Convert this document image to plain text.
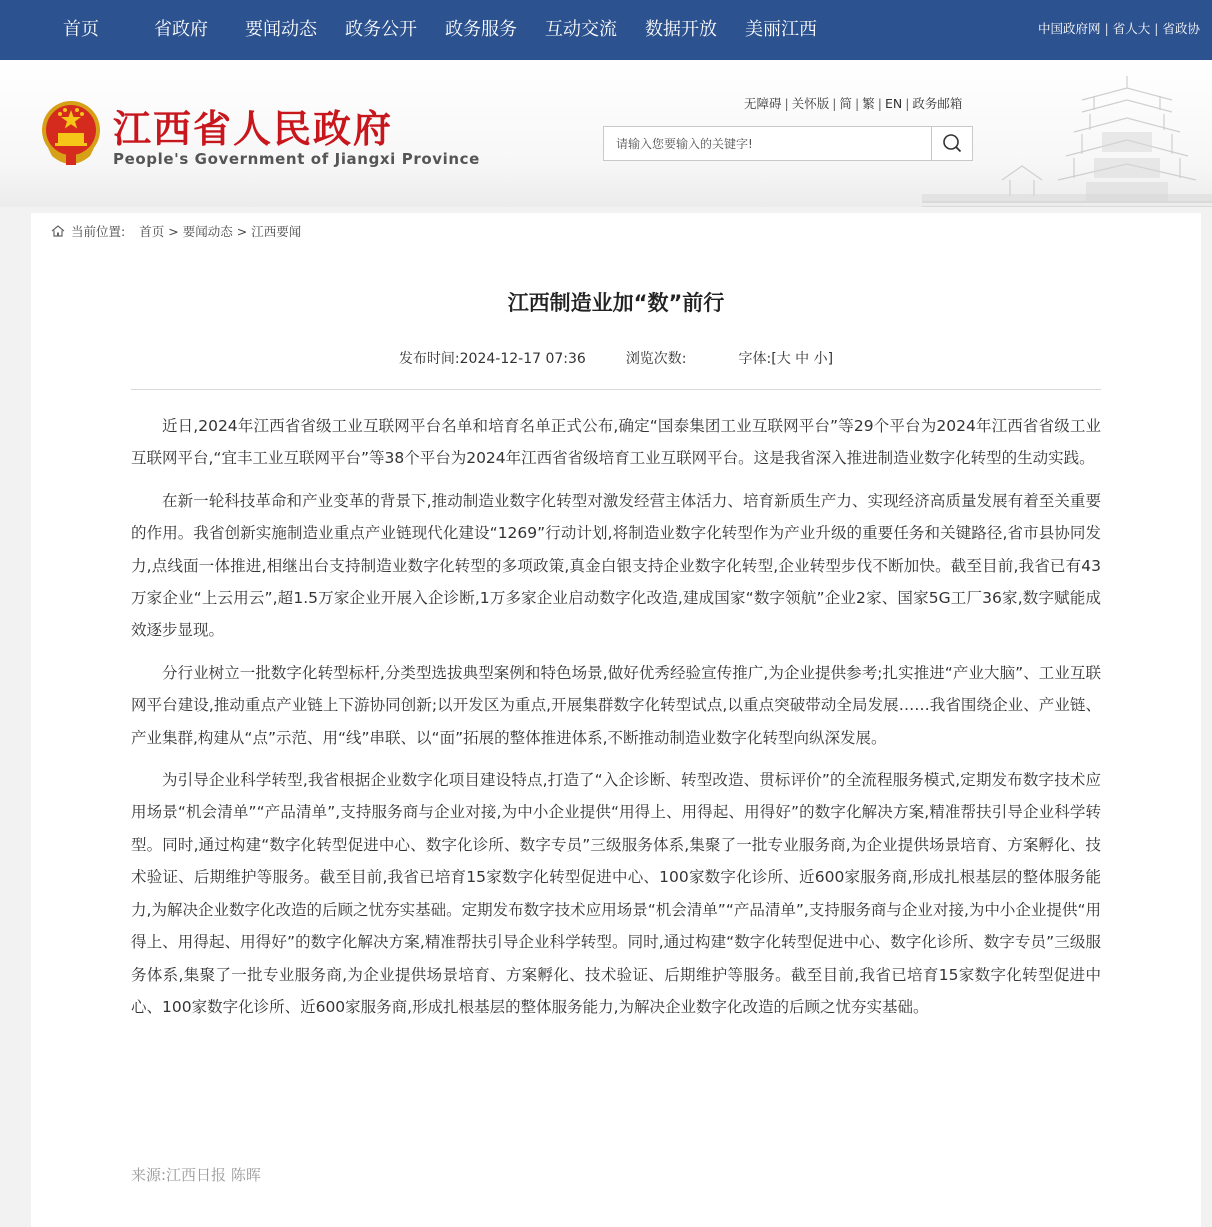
首页	省政府 要闻动态 政务公开 政务服务 互动交流 数据开放 美丽江西	中国政府网 | 省人大 | 省政协
江西省人民政府
People's Government of Jiangxi Province
无障碍 | 关怀版 | 简 | 繁 | EN | 政务邮箱
请输入您要输入的关键字!
当前位置: 首页 > 要闻动态 > 江西要闻
江西制造业加“数”前行
发布时间:2024-12-17 07:36	浏览次数:	字体:[大 中 小]

近日,2024年江西省省级工业互联网平台名单和培育名单正式公布,确定“国泰集团工业互联网平台”等29个平台为2024年江西省省级工业互联网平台,“宜丰工业互联网平台”等38个平台为2024年江西省省级培育工业互联网平台。这是我省深入推进制造业数字化转型的生动实践。

在新一轮科技革命和产业变革的背景下,推动制造业数字化转型对激发经营主体活力、培育新质生产力、实现经济高质量发展有着至关重要的作用。我省创新实施制造业重点产业链现代化建设“1269”行动计划,将制造业数字化转型作为产业升级的重要任务和关键路径,省市县协同发力,点线面一体推进,相继出台支持制造业数字化转型的多项政策,真金白银支持企业数字化转型,企业转型步伐不断加快。截至目前,我省已有43万家企业“上云用云”,超1.5万家企业开展入企诊断,1万多家企业启动数字化改造,建成国家“数字领航”企业2家、国家5G工厂36家,数字赋能成效逐步显现。

分行业树立一批数字化转型标杆,分类型选拔典型案例和特色场景,做好优秀经验宣传推广,为企业提供参考;扎实推进“产业大脑”、工业互联网平台建设,推动重点产业链上下游协同创新;以开发区为重点,开展集群数字化转型试点,以重点突破带动全局发展……我省围绕企业、产业链、产业集群,构建从“点”示范、用“线”串联、以“面”拓展的整体推进体系,不断推动制造业数字化转型向纵深发展。

为引导企业科学转型,我省根据企业数字化项目建设特点,打造了“入企诊断、转型改造、贯标评价”的全流程服务模式,定期发布数字技术应用场景“机会清单”“产品清单”,支持服务商与企业对接,为中小企业提供“用得上、用得起、用得好”的数字化解决方案,精准帮扶引导企业科学转型。同时,通过构建“数字化转型促进中心、数字化诊所、数字专员”三级服务体系,集聚了一批专业服务商,为企业提供场景培育、方案孵化、技术验证、后期维护等服务。截至目前,我省已培育15家数字化转型促进中心、100家数字化诊所、近600家服务商,形成扎根基层的整体服务能力,为解决企业数字化改造的后顾之忧夯实基础。定期发布数字技术应用场景“机会清单”“产品清单”,支持服务商与企业对接,为中小企业提供“用得上、用得起、用得好”的数字化解决方案,精准帮扶引导企业科学转型。同时,通过构建“数字化转型促进中心、数字化诊所、数字专员”三级服务体系,集聚了一批专业服务商,为企业提供场景培育、方案孵化、技术验证、后期维护等服务。截至目前,我省已培育15家数字化转型促进中心、100家数字化诊所、近600家服务商,形成扎根基层的整体服务能力,为解决企业数字化改造的后顾之忧夯实基础。

来源:江西日报 陈晖
